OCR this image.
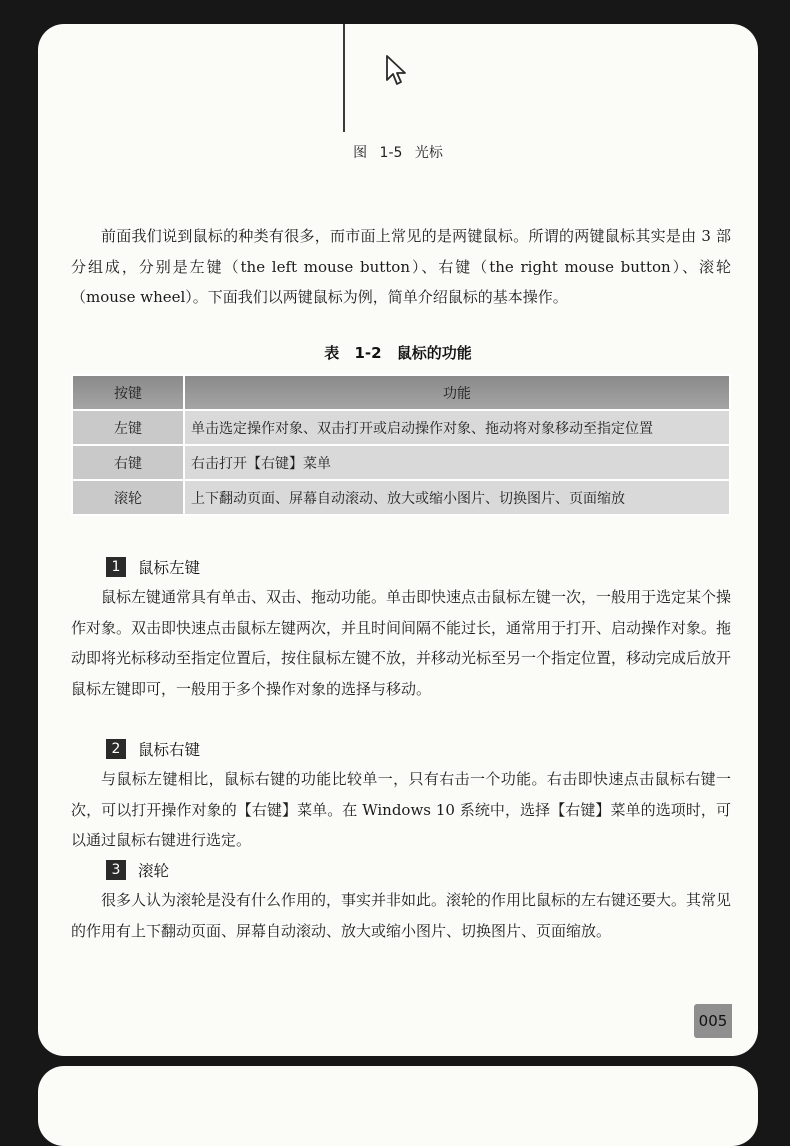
图 1-5 光标

前面我们说到鼠标的种类有很多，而市面上常见的是两键鼠标。所谓的两键鼠标其实是由 3 部分组成，分别是左键（the left mouse button）、右键（the right mouse button）、滚轮（mouse wheel）。下面我们以两键鼠标为例，简单介绍鼠标的基本操作。

表 1-2 鼠标的功能
按键	功能
左键	单击选定操作对象、双击打开或启动操作对象、拖动将对象移动至指定位置
右键	右击打开【右键】菜单
滚轮	上下翻动页面、屏幕自动滚动、放大或缩小图片、切换图片、页面缩放
1	鼠标左键

鼠标左键通常具有单击、双击、拖动功能。单击即快速点击鼠标左键一次，一般用于选定某个操作对象。双击即快速点击鼠标左键两次，并且时间间隔不能过长，通常用于打开、启动操作对象。拖动即将光标移动至指定位置后，按住鼠标左键不放，并移动光标至另一个指定位置，移动完成后放开鼠标左键即可，一般用于多个操作对象的选择与移动。

2	鼠标右键

与鼠标左键相比，鼠标右键的功能比较单一，只有右击一个功能。右击即快速点击鼠标右键一次，可以打开操作对象的【右键】菜单。在 Windows 10 系统中，选择【右键】菜单的选项时，可以通过鼠标右键进行选定。

3	滚轮

很多人认为滚轮是没有什么作用的，事实并非如此。滚轮的作用比鼠标的左右键还要大。其常见的作用有上下翻动页面、屏幕自动滚动、放大或缩小图片、切换图片、页面缩放。

005
